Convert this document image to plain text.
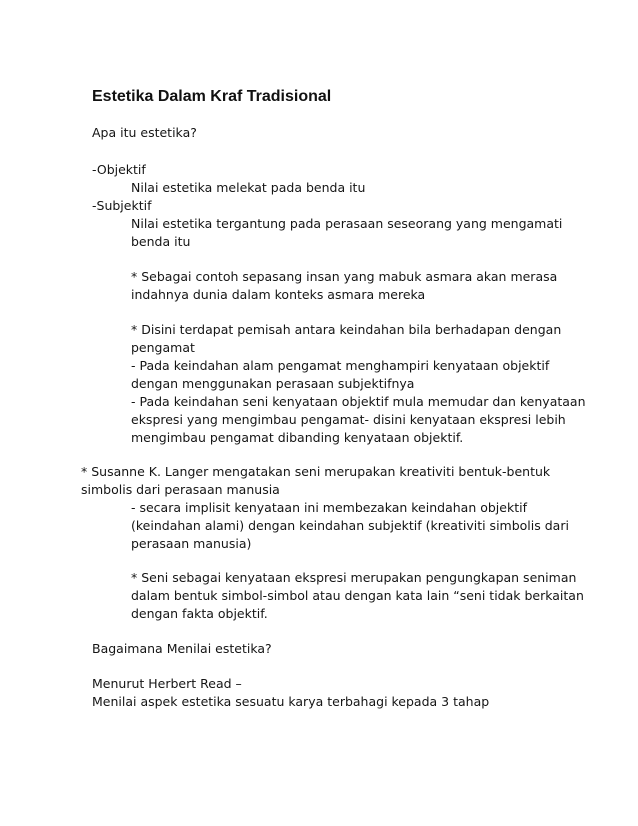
Estetika Dalam Kraf Tradisional
Apa itu estetika?
-Objektif
Nilai estetika melekat pada benda itu
-Subjektif
Nilai estetika tergantung pada perasaan seseorang yang mengamati
benda itu
* Sebagai contoh sepasang insan yang mabuk asmara akan merasa
indahnya dunia dalam konteks asmara mereka
* Disini terdapat pemisah antara keindahan bila berhadapan dengan
pengamat
- Pada keindahan alam pengamat menghampiri kenyataan objektif
dengan menggunakan perasaan subjektifnya
- Pada keindahan seni kenyataan objektif mula memudar dan kenyataan
ekspresi yang mengimbau pengamat- disini kenyataan ekspresi lebih
mengimbau pengamat dibanding kenyataan objektif.
* Susanne K. Langer mengatakan seni merupakan kreativiti bentuk-bentuk
simbolis dari perasaan manusia
- secara implisit kenyataan ini membezakan keindahan objektif
(keindahan alami) dengan keindahan subjektif (kreativiti simbolis dari
perasaan manusia)
* Seni sebagai kenyataan ekspresi merupakan pengungkapan seniman
dalam bentuk simbol-simbol atau dengan kata lain “seni tidak berkaitan
dengan fakta objektif.
Bagaimana Menilai estetika?
Menurut Herbert Read –
Menilai aspek estetika sesuatu karya terbahagi kepada 3 tahap
